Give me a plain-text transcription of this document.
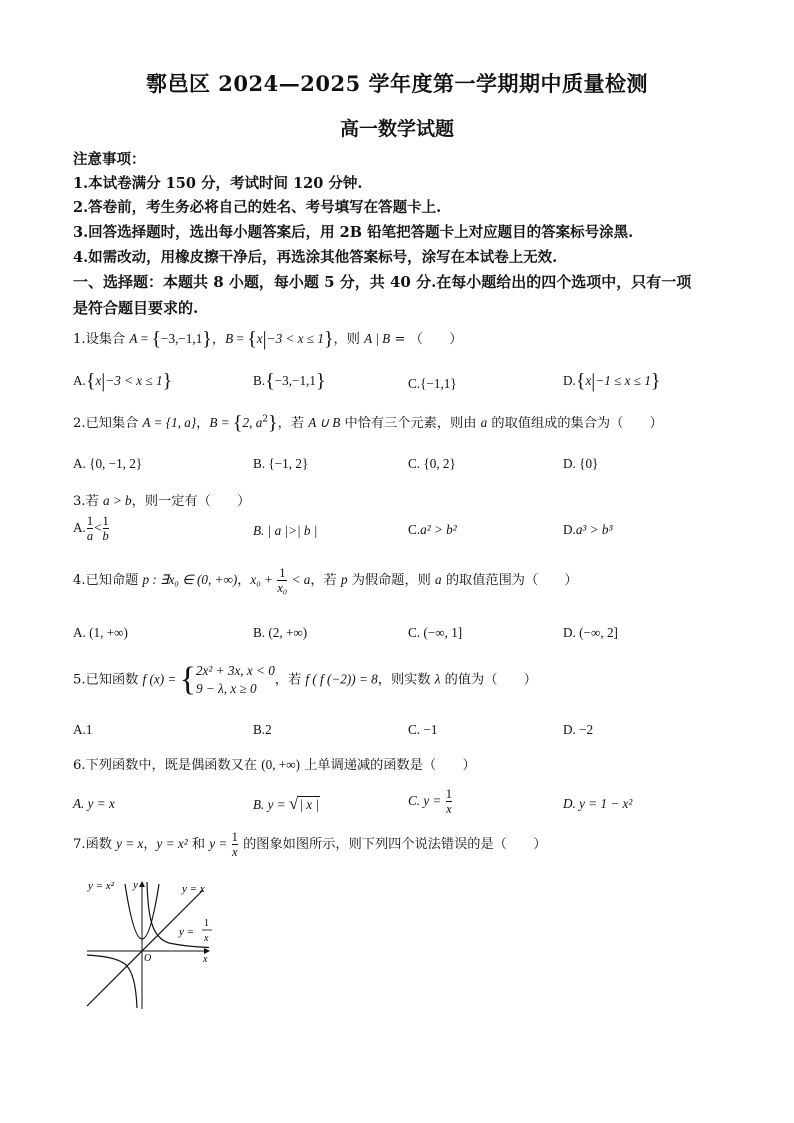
鄠邑区 2024—2025 学年度第一学期期中质量检测
高一数学试题
注意事项：
1.本试卷满分 150 分，考试时间 120 分钟.
2.答卷前，考生务必将自己的姓名、考号填写在答题卡上.
3.回答选择题时，选出每小题答案后，用 2B 铅笔把答题卡上对应题目的答案标号涂黑.
4.如需改动，用橡皮擦干净后，再选涂其他答案标号，涂写在本试卷上无效.
一、选择题：本题共 8 小题，每小题 5 分，共 40 分.在每小题给出的四个选项中，只有一项
是符合题目要求的.
1.设集合 A = {−3,−1,1}，B = {x|−3 < x ≤ 1}，则 A | B = （　　）
A.{x|−3 < x ≤ 1}	B.{−3,−1,1}	C.{−1,1}	D.{x|−1 ≤ x ≤ 1}
2.已知集合 A = {1, a}，B = {2, $a^2$}，若 A ∪ B 中恰有三个元素，则由 a 的取值组成的集合为（　　）
A. {0, −1, 2}	B. {−1, 2}	C. {0, 2}	D. {0}
3.若 a > b，则一定有（　　）
A. $\frac{1}{a} < \frac{1}{b}$	B. | a |>| b |	C.a² > b²	D.a³ > b³
4.已知命题 p : ∃x₀ ∈ (0, +∞)，$x_0 + \frac{1}{\text{x₀}} < a$，若 p 为假命题，则 a 的取值范围为（　　）
A. (1, +∞)	B. (2, +∞)	C. (−∞, 1]	D. (−∞, 2]
5.已知函数 f (x) = {2x² + 3x, x < 0
9 − λ, x ≥ 0，若 f ( f (−2)) = 8，则实数 λ 的值为（　　）
A.1	B.2	C. −1	D. −2
6.下列函数中，既是偶函数又在 (0, +∞) 上单调递减的函数是（　　）
A. y = x	B. y = √| x |	C. $y = \frac{1}{x}$	D. y = 1 − x²
7.函数 y = x，y = x² 和 $y = \frac{1}{x}$ 的图象如图所示，则下列四个说法错误的是（　　）
y = x² y	y = x
y =
1
x
O	x
